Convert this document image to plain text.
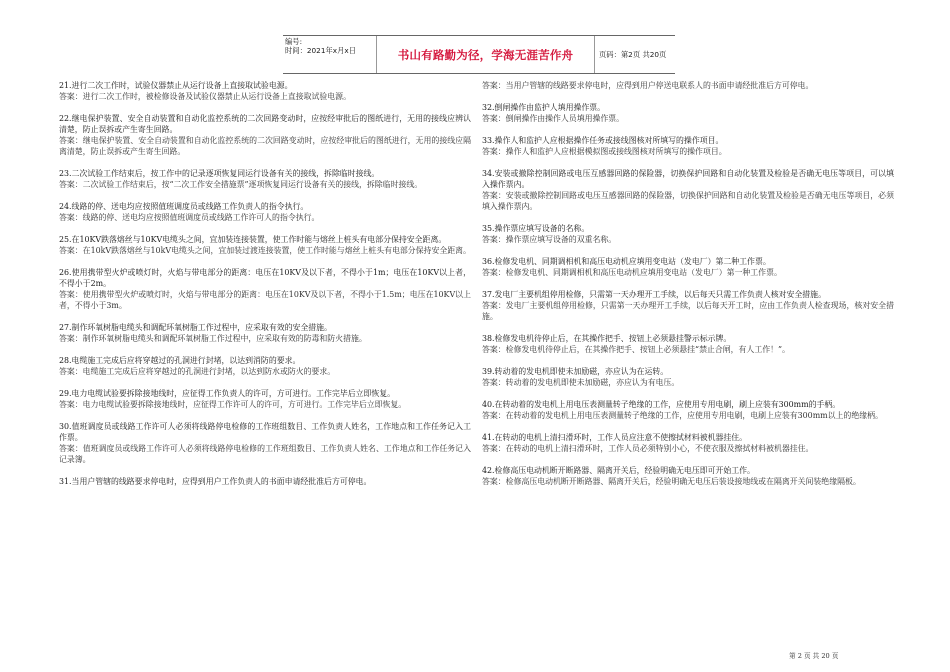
编号:
时间：2021年x月x日	书山有路勤为径，学海无涯苦作舟	页码：第2页 共20页

21.进行二次工作时，试验仪器禁止从运行设备上直接取试验电源。

答案：进行二次工作时，被检修设备及试验仪器禁止从运行设备上直接取试验电源。

22.继电保护装置、安全自动装置和自动化监控系统的二次回路变动时，应按经审批后的图纸进行，无用的接线应辨认清楚，防止误拆或产生寄生回路。

答案：继电保护装置、安全自动装置和自动化监控系统的二次回路变动时，应按经审批后的图纸进行，无用的接线应隔离清楚，防止误拆或产生寄生回路。

23.二次试验工作结束后，按工作中的记录逐项恢复同运行设备有关的接线，拆除临时接线。

答案：二次试验工作结束后，按“二次工作安全措施票”逐项恢复同运行设备有关的接线，拆除临时接线。

24.线路的停、送电均应按照值班调度员或线路工作负责人的指令执行。

答案：线路的停、送电均应按照值班调度员或线路工作许可人的指令执行。

25.在10KV跌落熔丝与10KV电缆头之间，宜加装连接装置，使工作时能与熔丝上桩头有电部分保持安全距离。

答案：在10kV跌落熔丝与10kV电缆头之间，宜加装过渡连接装置，使工作时能与熔丝上桩头有电部分保持安全距离。

26.使用携带型火炉或喷灯时，火焰与带电部分的距离：电压在10KV及以下者，不得小于1m；电压在10KV以上者，不得小于2m。

答案：使用携带型火炉或喷灯时，火焰与带电部分的距离：电压在10KV及以下者，不得小于1.5m；电压在10KV以上者，不得小于3m。

27.制作环氧树脂电缆头和调配环氧树脂工作过程中，应采取有效的安全措施。

答案：制作环氧树脂电缆头和调配环氧树脂工作过程中，应采取有效的防毒和防火措施。

28.电缆施工完成后应将穿越过的孔洞进行封堵，以达到消防的要求。

答案：电缆施工完成后应将穿越过的孔洞进行封堵，以达到防水或防火的要求。

29.电力电缆试验要拆除接地线时，应征得工作负责人的许可，方可进行。工作完毕后立即恢复。

答案：电力电缆试验要拆除接地线时，应征得工作许可人的许可，方可进行。工作完毕后立即恢复。

30.值班调度员或线路工作许可人必须将线路停电检修的工作班组数目、工作负责人姓名，工作地点和工作任务记入工作票。

答案：值班调度员或线路工作许可人必须将线路停电检修的工作班组数目、工作负责人姓名、工作地点和工作任务记入记录簿。

31.当用户管辖的线路要求停电时，应得到用户工作负责人的书面申请经批准后方可停电。

答案：当用户管辖的线路要求停电时，应得到用户停送电联系人的书面申请经批准后方可停电。

32.倒闸操作由监护人填用操作票。

答案：倒闸操作由操作人员填用操作票。

33.操作人和监护人应根据操作任务或接线图核对所填写的操作项目。

答案：操作人和监护人应根据模拟图或接线图核对所填写的操作项目。

34.安装或撤除控制回路或电压互感器回路的保险器，切换保护回路和自动化装置及检验是否确无电压等项目，可以填入操作票内。

答案：安装或撤除控制回路或电压互感器回路的保险器，切换保护回路和自动化装置及检验是否确无电压等项目，必须填入操作票内。

35.操作票应填写设备的名称。

答案：操作票应填写设备的双重名称。

36.检修发电机、同期调相机和高压电动机应填用变电站（发电厂）第二种工作票。

答案：检修发电机、同期调相机和高压电动机应填用变电站（发电厂）第一种工作票。

37.发电厂主要机组停用检修，只需第一天办理开工手续，以后每天只需工作负责人核对安全措施。

答案：发电厂主要机组停用检修，只需第一天办理开工手续，以后每天开工时，应由工作负责人检查现场，核对安全措施。

38.检修发电机待停止后，在其操作把手、按钮上必须悬挂警示标示牌。

答案：检修发电机待停止后，在其操作把手、按钮上必须悬挂“禁止合闸，有人工作！”。

39.转动着的发电机即使未加励磁，亦应认为在运转。

答案：转动着的发电机即使未加励磁，亦应认为有电压。

40.在转动着的发电机上用电压表测量转子绝缘的工作，应使用专用电刷，刷上应装有300mm的手柄。

答案：在转动着的发电机上用电压表测量转子绝缘的工作，应使用专用电刷，电刷上应装有300mm以上的绝缘柄。

41.在转动的电机上清扫滑环时，工作人员应注意不使擦拭材料被机器挂住。

答案：在转动的电机上清扫滑环时，工作人员必须特别小心，不使衣服及擦拭材料被机器挂住。

42.检修高压电动机断开断路器、隔离开关后，经验明确无电压即可开始工作。

答案：检修高压电动机断开断路器、隔离开关后，经验明确无电压后装设接地线或在隔离开关间装绝缘隔板。

第 2 页 共 20 页
